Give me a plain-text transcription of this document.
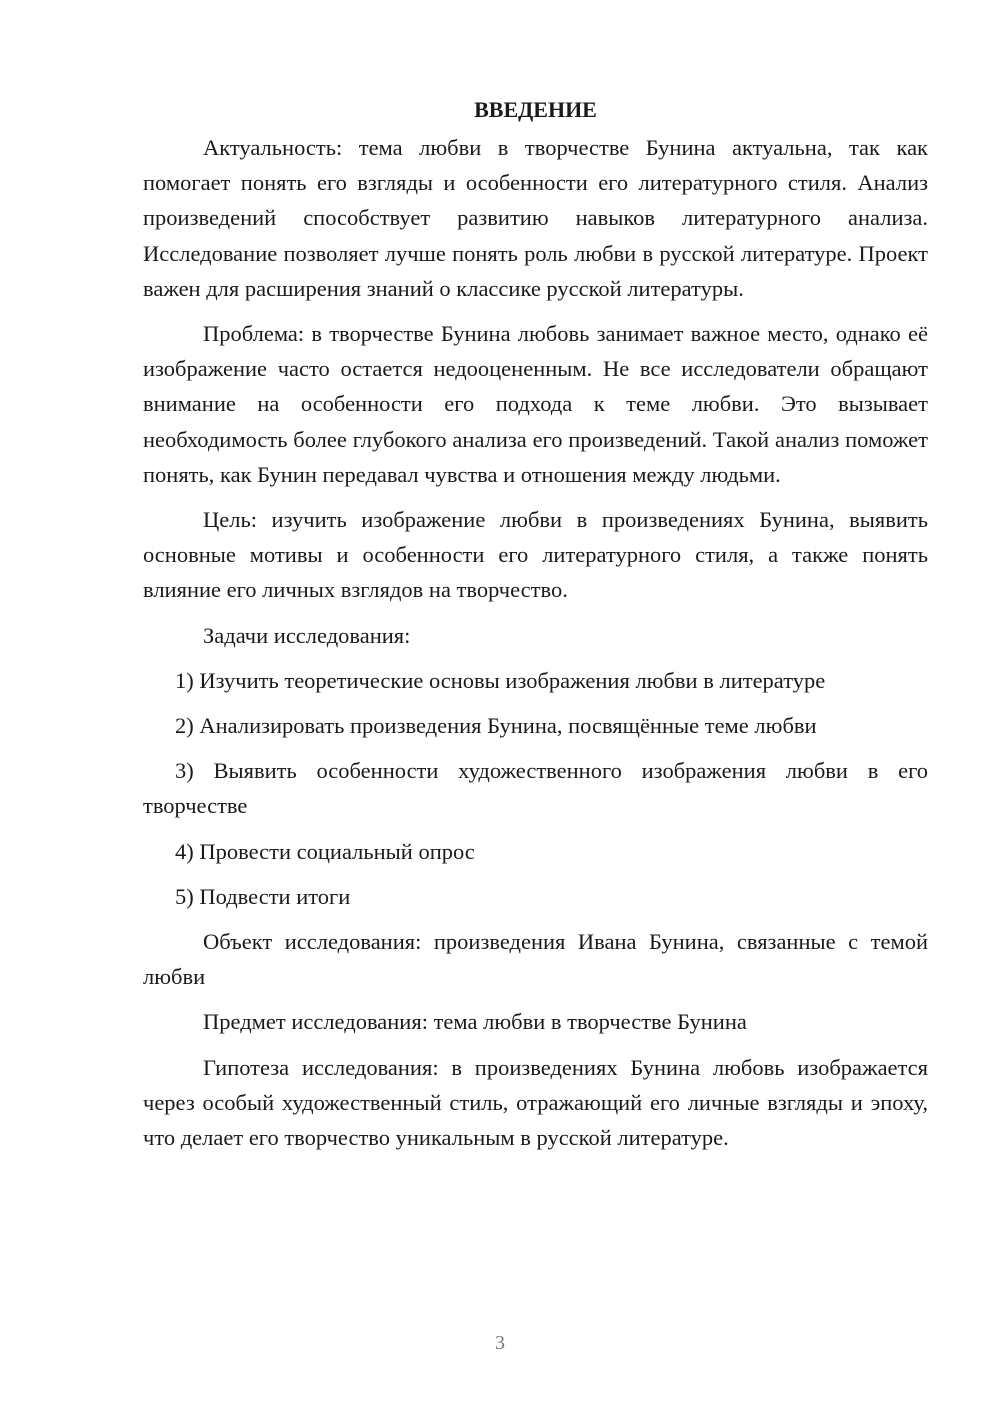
ВВЕДЕНИЕ

Актуальность: тема любви в творчестве Бунина актуальна, так как помогает понять его взгляды и особенности его литературного стиля. Анализ произведений способствует развитию навыков литературного анализа. Исследование позволяет лучше понять роль любви в русской литературе. Проект важен для расширения знаний о классике русской литературы.

Проблема: в творчестве Бунина любовь занимает важное место, однако её изображение часто остается недооцененным. Не все исследователи обращают внимание на особенности его подхода к теме любви. Это вызывает необходимость более глубокого анализа его произведений. Такой анализ поможет понять, как Бунин передавал чувства и отношения между людьми.

Цель: изучить изображение любви в произведениях Бунина, выявить основные мотивы и особенности его литературного стиля, а также понять влияние его личных взглядов на творчество.

Задачи исследования:

1) Изучить теоретические основы изображения любви в литературе

2) Анализировать произведения Бунина, посвящённые теме любви

3) Выявить особенности художественного изображения любви в его творчестве

4) Провести социальный опрос

5) Подвести итоги

Объект исследования: произведения Ивана Бунина, связанные с темой любви

Предмет исследования: тема любви в творчестве Бунина

Гипотеза исследования: в произведениях Бунина любовь изображается через особый художественный стиль, отражающий его личные взгляды и эпоху, что делает его творчество уникальным в русской литературе.

3
